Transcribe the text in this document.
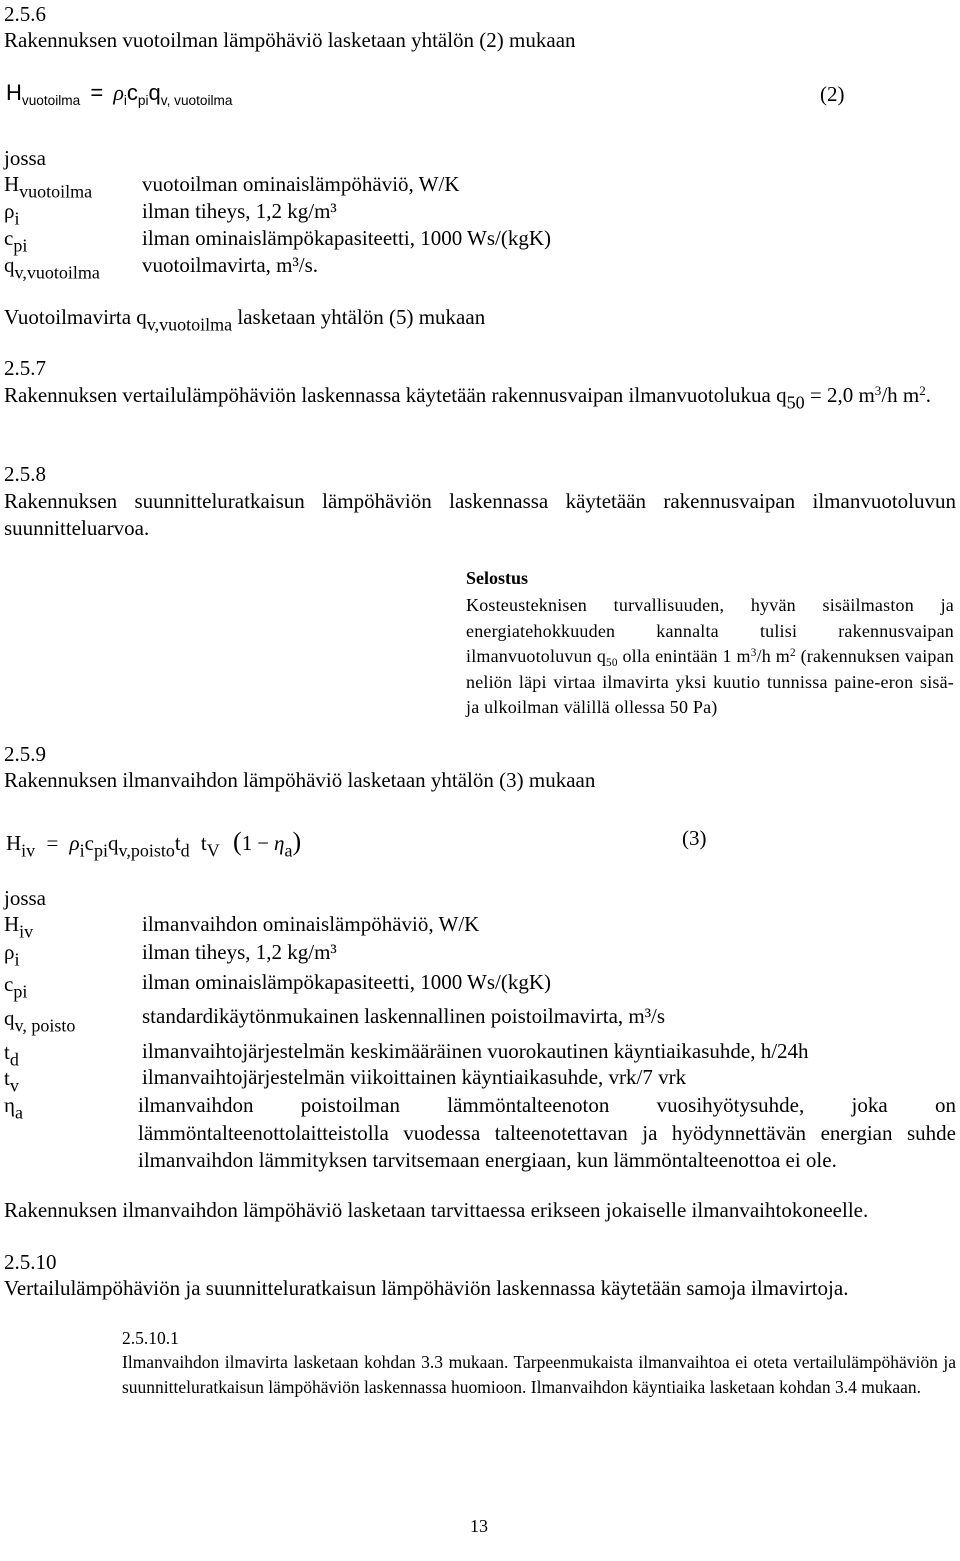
2.5.6
Rakennuksen vuotoilman lämpöhäviö lasketaan yhtälön (2) mukaan
$H_{vuotoilma} = \rho_ic_{pi}q_{v, vuotoilma}$	(2)
jossa
$H_{vuotoilma}$ vuotoilman ominaislämpöhäviö, W/K
$\rho_i$	ilman tiheys, 1,2 kg/m³
$c_{pi}$	ilman ominaislämpökapasiteetti, 1000 Ws/(kgK)
$q_{v,vuotoilma}$ vuotoilmavirta, m³/s.
Vuotoilmavirta $q_{v,vuotoilma}$ lasketaan yhtälön (5) mukaan
2.5.7
Rakennuksen vertailulämpöhäviön laskennassa käytetään rakennusvaipan ilmanvuotolukua $q_{50} = 2,0$ $m^3/h$ $m^2$.
2.5.8
Rakennuksen suunnitteluratkaisun lämpöhäviön laskennassa käytetään rakennusvaipan ilmanvuotoluvun suunnitteluarvoa.
Selostus
Kosteusteknisen turvallisuuden, hyvän sisäilmaston ja energiatehokkuuden kannalta tulisi rakennusvaipan ilmanvuotoluvun $q_{50}$ olla enintään 1 $m^3/h$ $m^2$ (rakennuksen vaipan neliön läpi virtaa ilmavirta yksi kuutio tunnissa paine-eron sisä- ja ulkoilman välillä ollessa 50 Pa)
2.5.9
Rakennuksen ilmanvaihdon lämpöhäviö lasketaan yhtälön (3) mukaan
$H_{iv} = \rho_ic_{pi}q_{v,poisto}t_d$ $t_V$ $(1 - \eta_a)$	(3)
jossa
$H_{iv}$	ilmanvaihdon ominaislämpöhäviö, W/K
$\rho_i$	ilman tiheys, 1,2 kg/m³
$c_{pi}$	ilman ominaislämpökapasiteetti, 1000 Ws/(kgK)
$q_{v, poisto}$	standardikäytönmukainen laskennallinen poistoilmavirta, m³/s
$t_d$	ilmanvaihtojärjestelmän keskimääräinen vuorokautinen käyntiaikasuhde, h/24h
$t_v$	ilmanvaihtojärjestelmän viikoittainen käyntiaikasuhde, vrk/7 vrk
$\eta_a$	ilmanvaihdon poistoilman lämmöntalteenoton vuosihyötysuhde, joka on lämmöntalteenottolaitteistolla vuodessa talteenotettavan ja hyödynnettävän energian suhde ilmanvaihdon lämmityksen tarvitsemaan energiaan, kun lämmöntalteenottoa ei ole.
Rakennuksen ilmanvaihdon lämpöhäviö lasketaan tarvittaessa erikseen jokaiselle ilmanvaihtokoneelle.
2.5.10
Vertailulämpöhäviön ja suunnitteluratkaisun lämpöhäviön laskennassa käytetään samoja ilmavirtoja.
2.5.10.1
Ilmanvaihdon ilmavirta lasketaan kohdan 3.3 mukaan. Tarpeenmukaista ilmanvaihtoa ei oteta vertailulämpöhäviön ja suunnitteluratkaisun lämpöhäviön laskennassa huomioon. Ilmanvaihdon käyntiaika lasketaan kohdan 3.4 mukaan.
13
